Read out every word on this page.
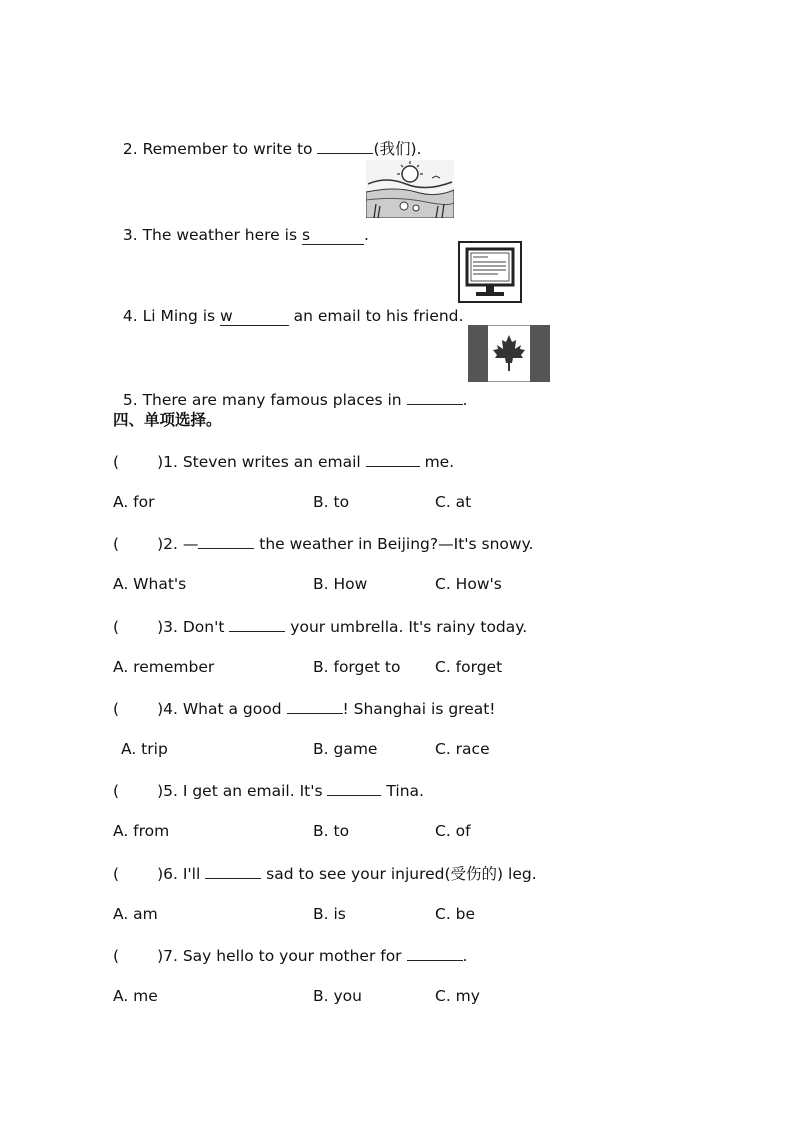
2. Remember to write to	(我们).

3. The weather here is s	.

4. Li Ming is w	an email to his friend.

5. There are many famous places in	.

四、单项选择。
( )1. Steven writes an email	me.
A. for	B. to	C. at
( )2. —	the weather in Beijing?—It's snowy.
A. What's	B. How	C. How's
( )3. Don't	your umbrella. It's rainy today.
A. remember	B. forget to C. forget
( )4. What a good	! Shanghai is great!
A. trip	B. game	C. race
( )5. I get an email. It's	Tina.
A. from	B. to	C. of
( )6. I'll	sad to see your injured(受伤的) leg.
A. am	B. is	C. be
( )7. Say hello to your mother for	.
A. me	B. you	C. my
